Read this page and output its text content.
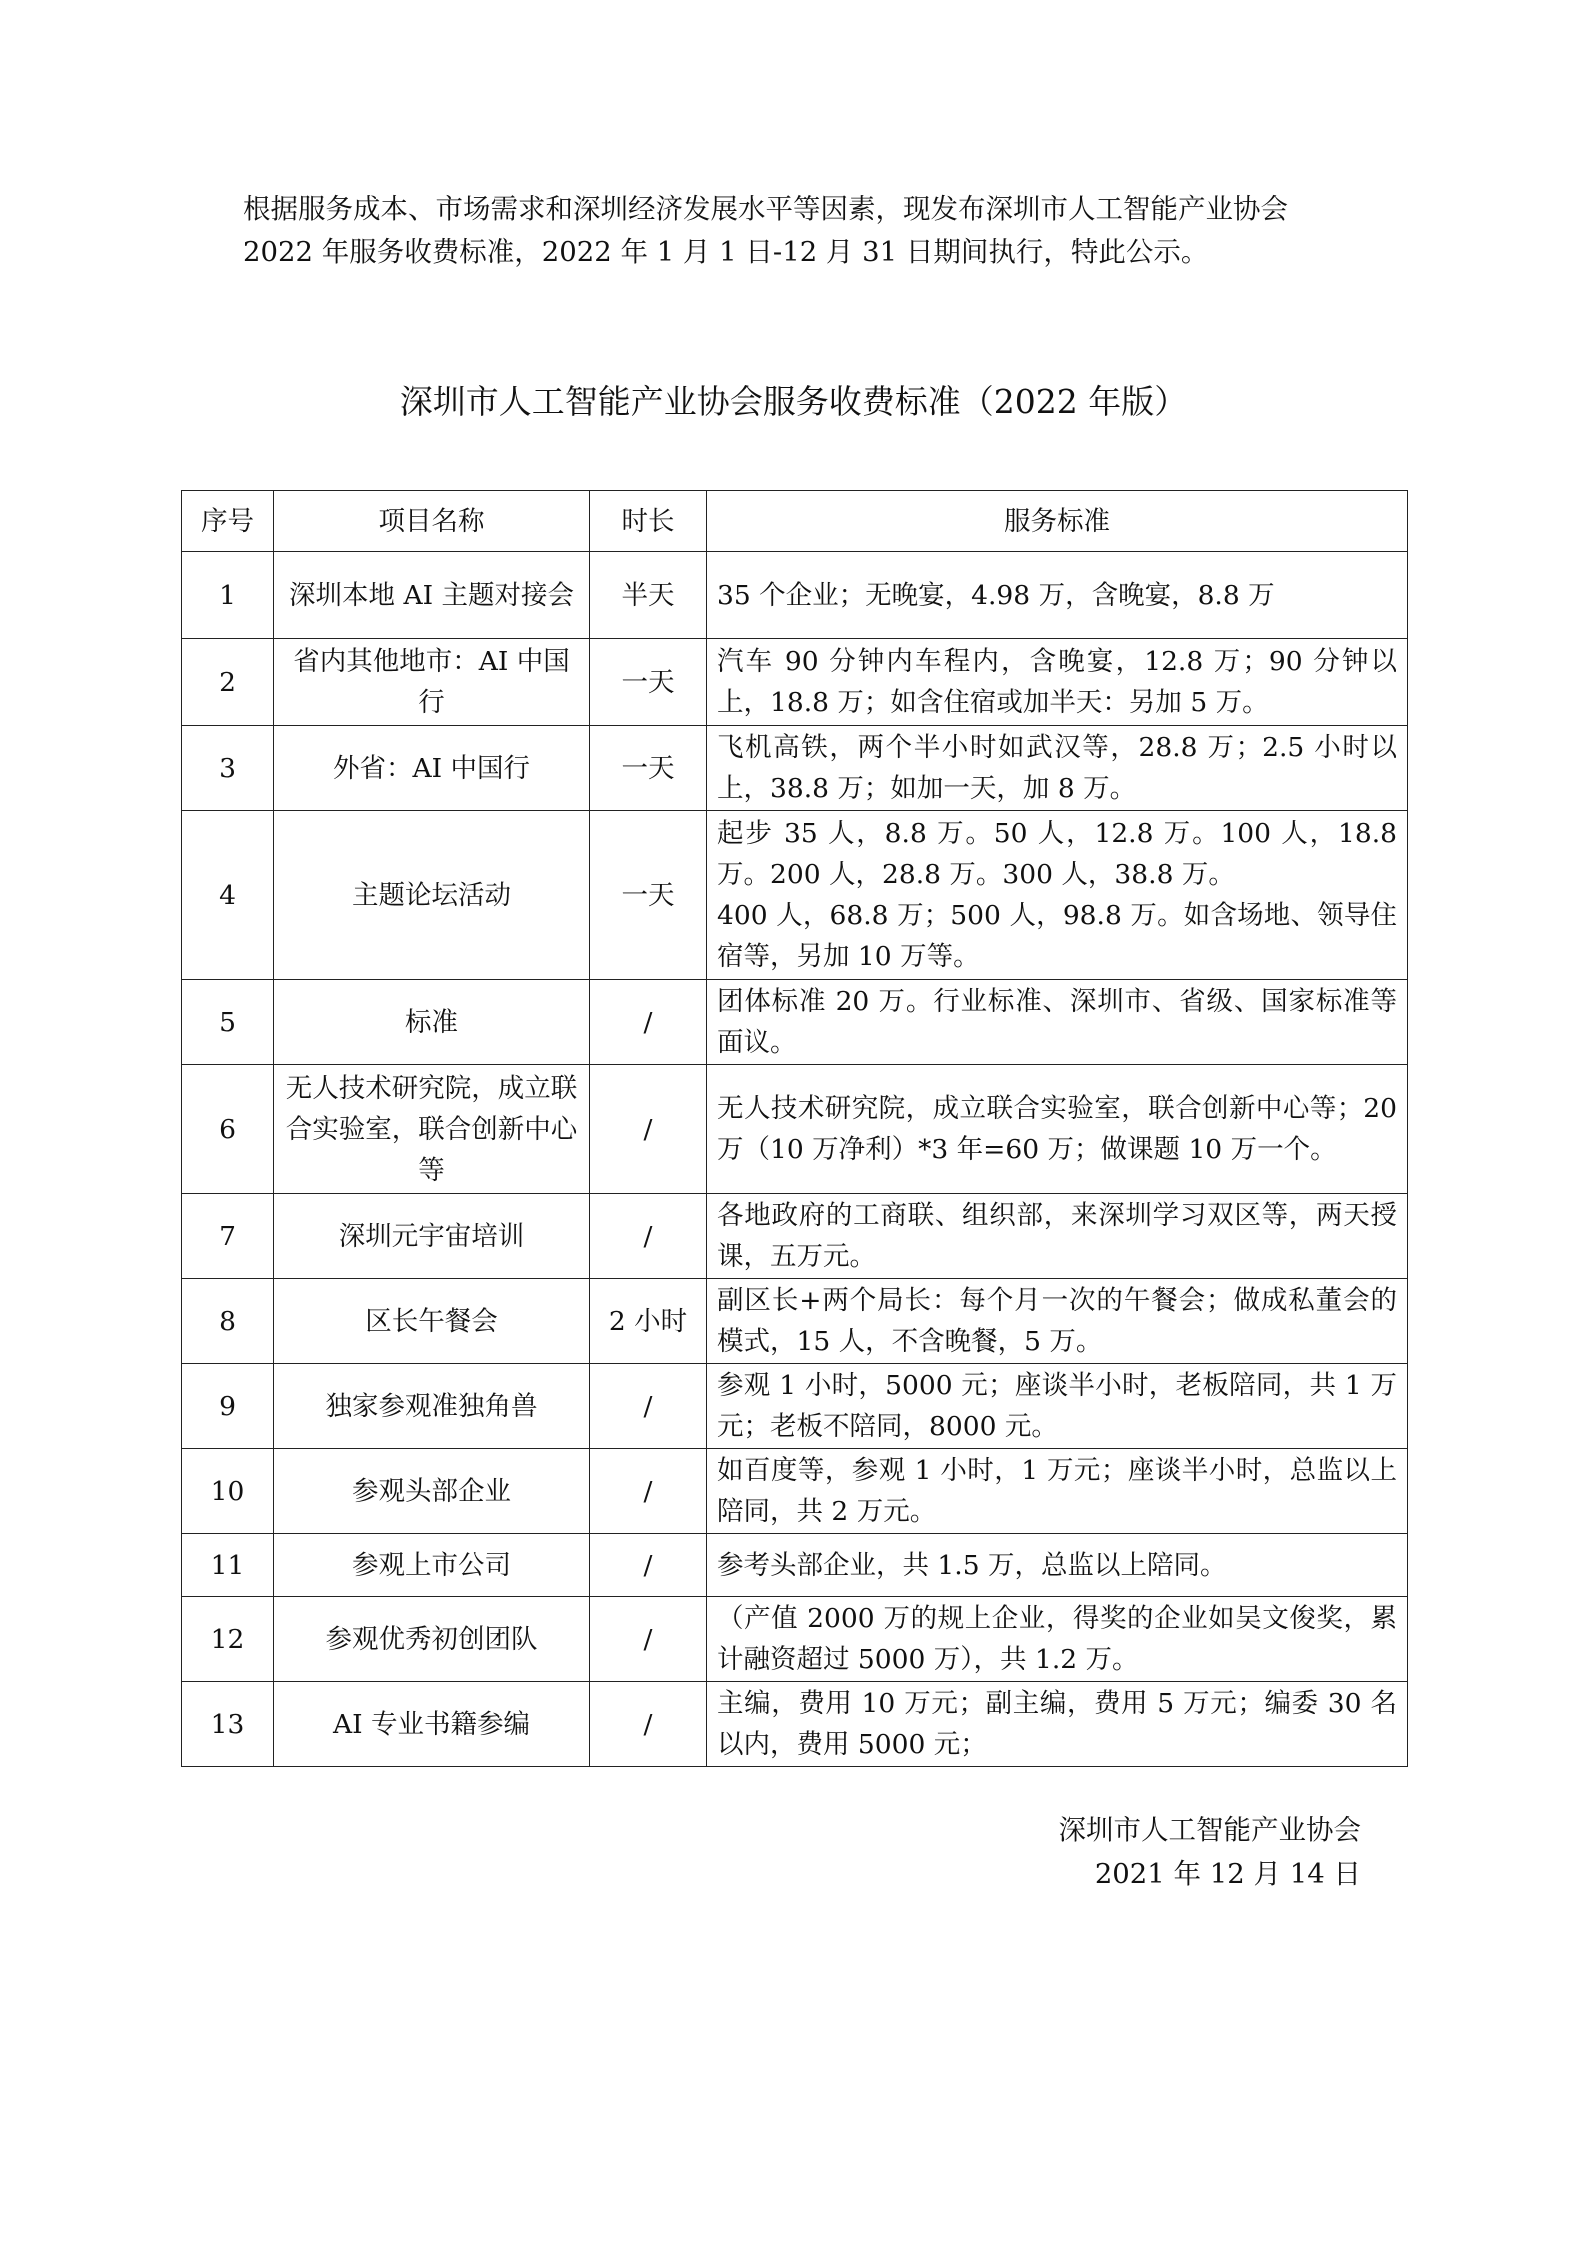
根据服务成本、市场需求和深圳经济发展水平等因素，现发布深圳市人工智能产业协会

2022 年服务收费标准，2022 年 1 月 1 日-12 月 31 日期间执行，特此公示。

深圳市人工智能产业协会服务收费标准（2022 年版）
序号	项目名称	时长	服务标准
1	深圳本地 AI 主题对接会	半天	35 个企业；无晚宴，4.98 万，含晚宴，8.8 万
2	省内其他地市：AI 中国行	一天	汽车 90 分钟内车程内，含晚宴，12.8 万；90 分钟以上，18.8 万；如含住宿或加半天：另加 5 万。
3	外省：AI 中国行	一天	飞机高铁，两个半小时如武汉等，28.8 万；2.5 小时以上，38.8 万；如加一天，加 8 万。
4	主题论坛活动	一天	起步 35 人，8.8 万。50 人，12.8 万。100 人，18.8 万。200 人，28.8 万。300 人，38.8 万。
400 人，68.8 万；500 人，98.8 万。如含场地、领导住宿等，另加 10 万等。

5	标准	/	团体标准 20 万。行业标准、深圳市、省级、国家标准等面议。
6	无人技术研究院，成立联合实验室，联合创新中心等	/	无人技术研究院，成立联合实验室，联合创新中心等；20 万（10 万净利）*3 年=60 万；做课题 10 万一个。
7	深圳元宇宙培训	/	各地政府的工商联、组织部，来深圳学习双区等，两天授课，五万元。
8	区长午餐会	2 小时	副区长+两个局长：每个月一次的午餐会；做成私董会的模式，15 人，不含晚餐，5 万。
9	独家参观准独角兽	/	参观 1 小时，5000 元；座谈半小时，老板陪同，共 1 万元；老板不陪同，8000 元。
10	参观头部企业	/	如百度等，参观 1 小时，1 万元；座谈半小时，总监以上陪同，共 2 万元。
11	参观上市公司	/	参考头部企业，共 1.5 万，总监以上陪同。
12	参观优秀初创团队	/	（产值 2000 万的规上企业，得奖的企业如吴文俊奖，累计融资超过 5000 万），共 1.2 万。
13	AI 专业书籍参编	/	主编，费用 10 万元；副主编，费用 5 万元；编委 30 名以内，费用 5000 元；
深圳市人工智能产业协会
2021 年 12 月 14 日
